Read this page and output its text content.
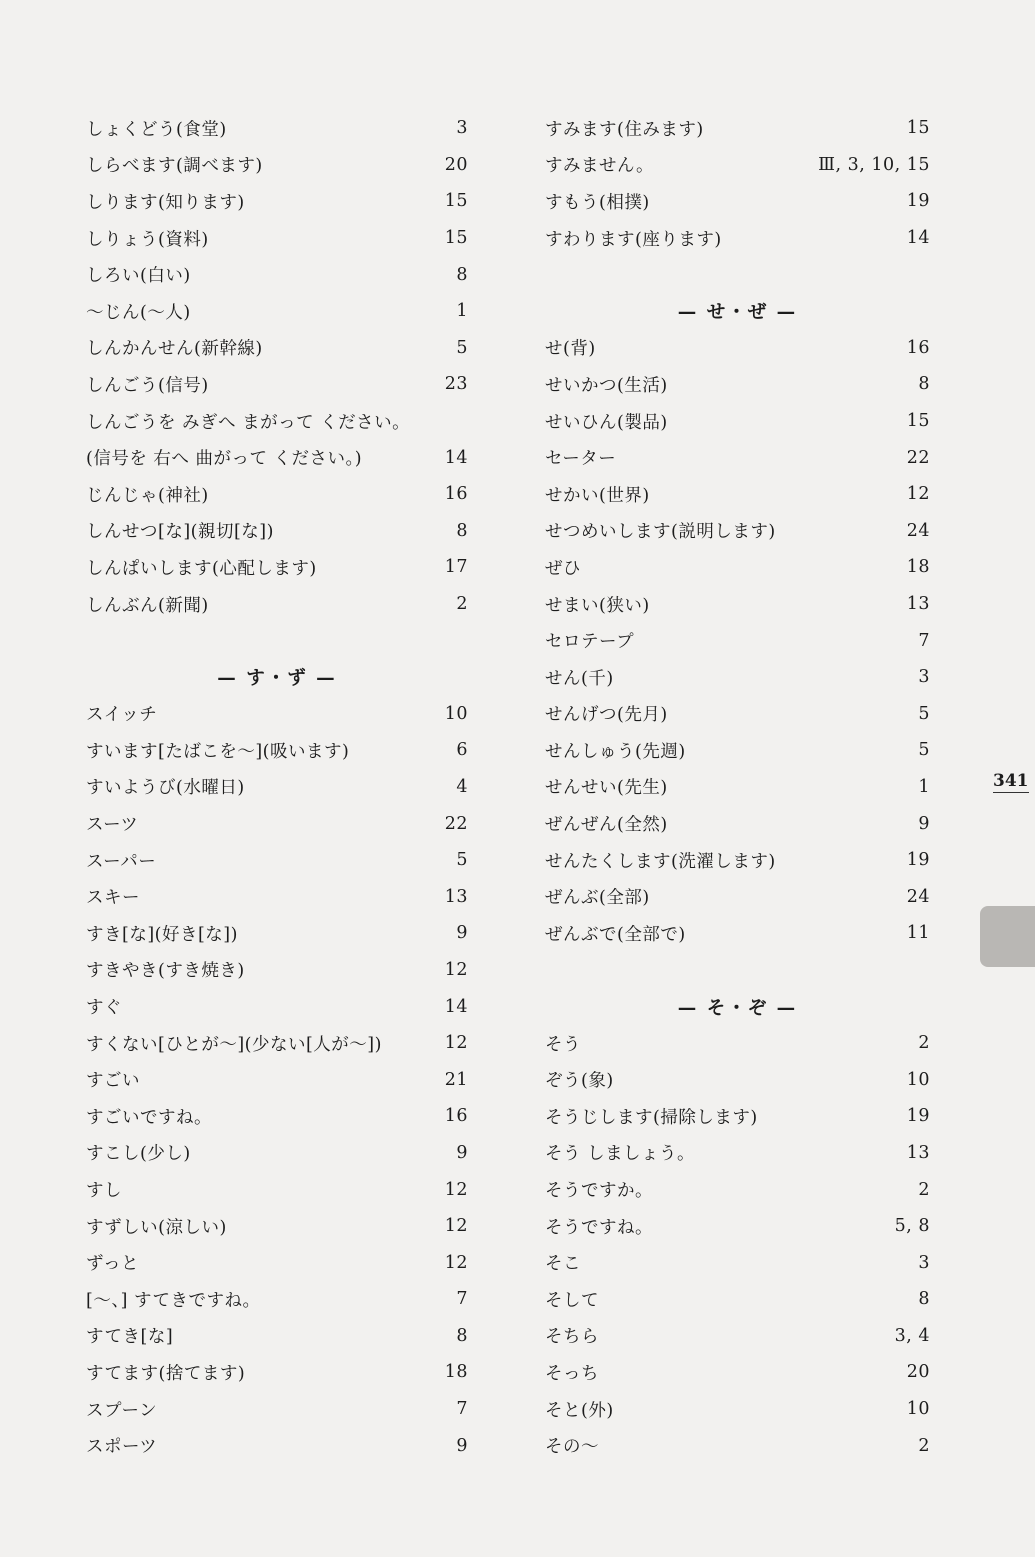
しょくどう(食堂)	3
しらべます(調べます)	20
しります(知ります)	15
しりょう(資料)	15
しろい(白い)	8
〜じん(〜人)	1
しんかんせん(新幹線)	5
しんごう(信号)	23
しんごうを みぎへ まがって ください。
(信号を 右へ 曲がって ください。)	14
じんじゃ(神社)	16
しんせつ[な](親切[な])	8
しんぱいします(心配します)	17
しんぶん(新聞)	2
— す・ず —
スイッチ	10
すいます[たばこを〜](吸います)	6
すいようび(水曜日)	4
スーツ	22
スーパー	5
スキー	13
すき[な](好き[な])	9
すきやき(すき焼き)	12
すぐ	14
すくない[ひとが〜](少ない[人が〜])	12
すごい	21
すごいですね。	16
すこし(少し)	9
すし	12
すずしい(涼しい)	12
ずっと	12
[〜、] すてきですね。	7
すてき[な]	8
すてます(捨てます)	18
スプーン	7
スポーツ	9
すみます(住みます)	15
すみません。	Ⅲ, 3, 10, 15
すもう(相撲)	19
すわります(座ります)	14
— せ・ぜ —
せ(背)	16
せいかつ(生活)	8
せいひん(製品)	15
セーター	22
せかい(世界)	12
せつめいします(説明します)	24
ぜひ	18
せまい(狭い)	13
セロテープ	7
せん(千)	3
せんげつ(先月)	5
せんしゅう(先週)	5
せんせい(先生)	1
ぜんぜん(全然)	9
せんたくします(洗濯します)	19
ぜんぶ(全部)	24
ぜんぶで(全部で)	11
— そ・ぞ —
そう	2
ぞう(象)	10
そうじします(掃除します)	19
そう しましょう。	13
そうですか。	2
そうですね。	5, 8
そこ	3
そして	8
そちら	3, 4
そっち	20
そと(外)	10
その〜	2
341
